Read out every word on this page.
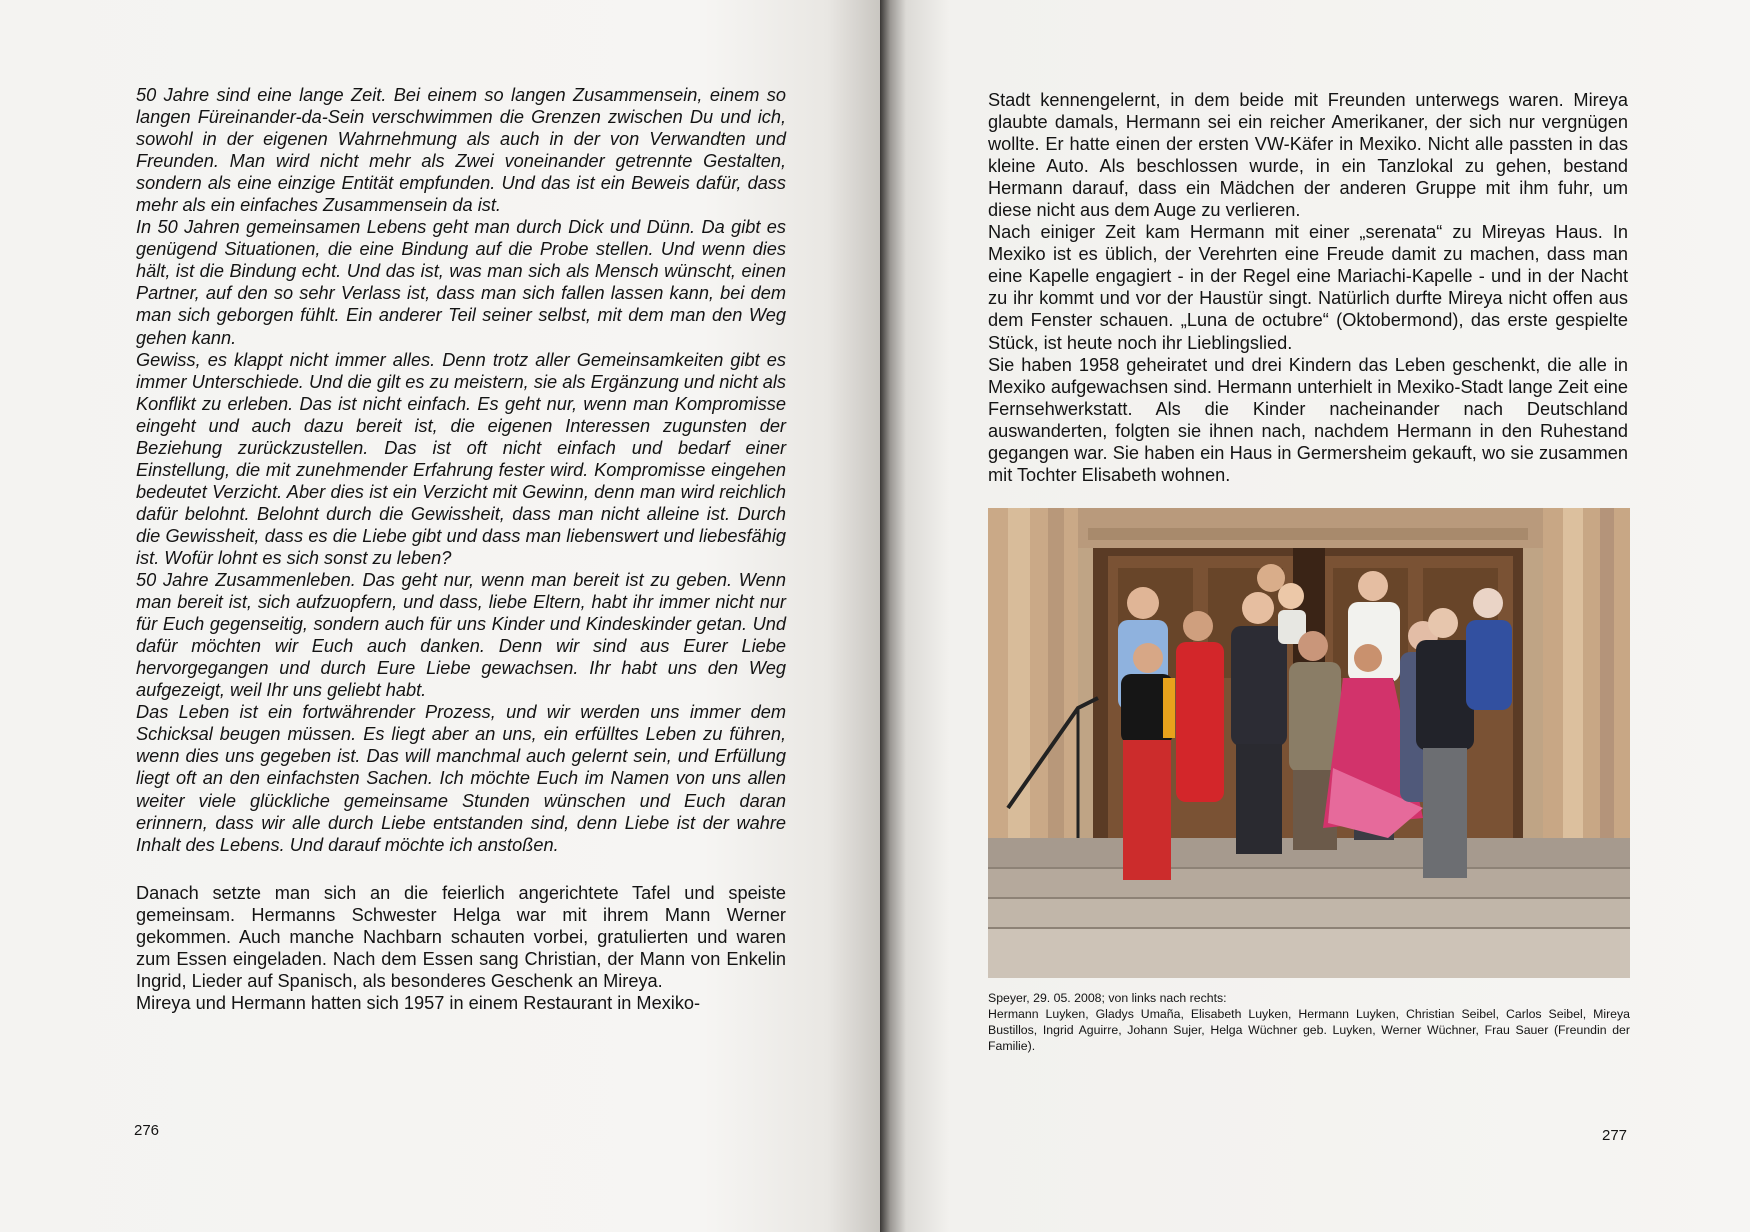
50 Jahre sind eine lange Zeit. Bei einem so langen Zusammensein, einem so langen Füreinander-da-Sein verschwimmen die Grenzen zwischen Du und ich, sowohl in der eigenen Wahrnehmung als auch in der von Verwandten und Freunden. Man wird nicht mehr als Zwei voneinander getrennte Gestalten, sondern als eine einzige Entität empfunden. Und das ist ein Beweis dafür, dass mehr als ein einfaches Zusammensein da ist.

In 50 Jahren gemeinsamen Lebens geht man durch Dick und Dünn. Da gibt es genügend Situationen, die eine Bindung auf die Probe stellen. Und wenn dies hält, ist die Bindung echt. Und das ist, was man sich als Mensch wünscht, einen Partner, auf den so sehr Verlass ist, dass man sich fallen lassen kann, bei dem man sich geborgen fühlt. Ein anderer Teil seiner selbst, mit dem man den Weg gehen kann.

Gewiss, es klappt nicht immer alles. Denn trotz aller Gemeinsamkeiten gibt es immer Unterschiede. Und die gilt es zu meistern, sie als Ergänzung und nicht als Konflikt zu erleben. Das ist nicht einfach. Es geht nur, wenn man Kompromisse eingeht und auch dazu bereit ist, die eigenen Interessen zugunsten der Beziehung zurückzustellen. Das ist oft nicht einfach und bedarf einer Einstellung, die mit zunehmender Erfahrung fester wird. Kompromisse eingehen bedeutet Verzicht. Aber dies ist ein Verzicht mit Gewinn, denn man wird reichlich dafür belohnt. Belohnt durch die Gewissheit, dass man nicht alleine ist. Durch die Gewissheit, dass es die Liebe gibt und dass man liebenswert und liebesfähig ist. Wofür lohnt es sich sonst zu leben?

50 Jahre Zusammenleben. Das geht nur, wenn man bereit ist zu geben. Wenn man bereit ist, sich aufzuopfern, und dass, liebe Eltern, habt ihr immer nicht nur für Euch gegenseitig, sondern auch für uns Kinder und Kindeskinder getan. Und dafür möchten wir Euch auch danken. Denn wir sind aus Eurer Liebe hervorgegangen und durch Eure Liebe gewachsen. Ihr habt uns den Weg aufgezeigt, weil Ihr uns geliebt habt.

Das Leben ist ein fortwährender Prozess, und wir werden uns immer dem Schicksal beugen müssen. Es liegt aber an uns, ein erfülltes Leben zu führen, wenn dies uns gegeben ist. Das will manchmal auch gelernt sein, und Erfüllung liegt oft an den einfachsten Sachen. Ich möchte Euch im Namen von uns allen weiter viele glückliche gemeinsame Stunden wünschen und Euch daran erinnern, dass wir alle durch Liebe entstanden sind, denn Liebe ist der wahre Inhalt des Lebens. Und darauf möchte ich anstoßen.

Danach setzte man sich an die feierlich angerichtete Tafel und speiste gemeinsam. Hermanns Schwester Helga war mit ihrem Mann Werner gekommen. Auch manche Nachbarn schauten vorbei, gratulierten und waren zum Essen eingeladen. Nach dem Essen sang Christian, der Mann von Enkelin Ingrid, Lieder auf Spanisch, als besonderes Geschenk an Mireya.

Mireya und Hermann hatten sich 1957 in einem Restaurant in Mexiko-

276

Stadt kennengelernt, in dem beide mit Freunden unterwegs waren. Mireya glaubte damals, Hermann sei ein reicher Amerikaner, der sich nur vergnügen wollte. Er hatte einen der ersten VW-Käfer in Mexiko. Nicht alle passten in das kleine Auto. Als beschlossen wurde, in ein Tanzlokal zu gehen, bestand Hermann darauf, dass ein Mädchen der anderen Gruppe mit ihm fuhr, um diese nicht aus dem Auge zu verlieren.

Nach einiger Zeit kam Hermann mit einer „serenata“ zu Mireyas Haus. In Mexiko ist es üblich, der Verehrten eine Freude damit zu machen, dass man eine Kapelle engagiert - in der Regel eine Mariachi-Kapelle - und in der Nacht zu ihr kommt und vor der Haustür singt. Natürlich durfte Mireya nicht offen aus dem Fenster schauen. „Luna de octubre“ (Oktobermond), das erste gespielte Stück, ist heute noch ihr Lieblingslied.

Sie haben 1958 geheiratet und drei Kindern das Leben geschenkt, die alle in Mexiko aufgewachsen sind. Hermann unterhielt in Mexiko-Stadt lange Zeit eine Fernsehwerkstatt. Als die Kinder nacheinander nach Deutschland auswanderten, folgten sie ihnen nach, nachdem Hermann in den Ruhestand gegangen war. Sie haben ein Haus in Germersheim gekauft, wo sie zusammen mit Tochter Elisabeth wohnen.

Speyer, 29. 05. 2008; von links nach rechts:

Hermann Luyken, Gladys Umaña, Elisabeth Luyken, Hermann Luyken, Christian Seibel, Carlos Seibel, Mireya Bustillos, Ingrid Aguirre, Johann Sujer, Helga Wüchner geb. Luyken, Werner Wüchner, Frau Sauer (Freundin der Familie).

277
